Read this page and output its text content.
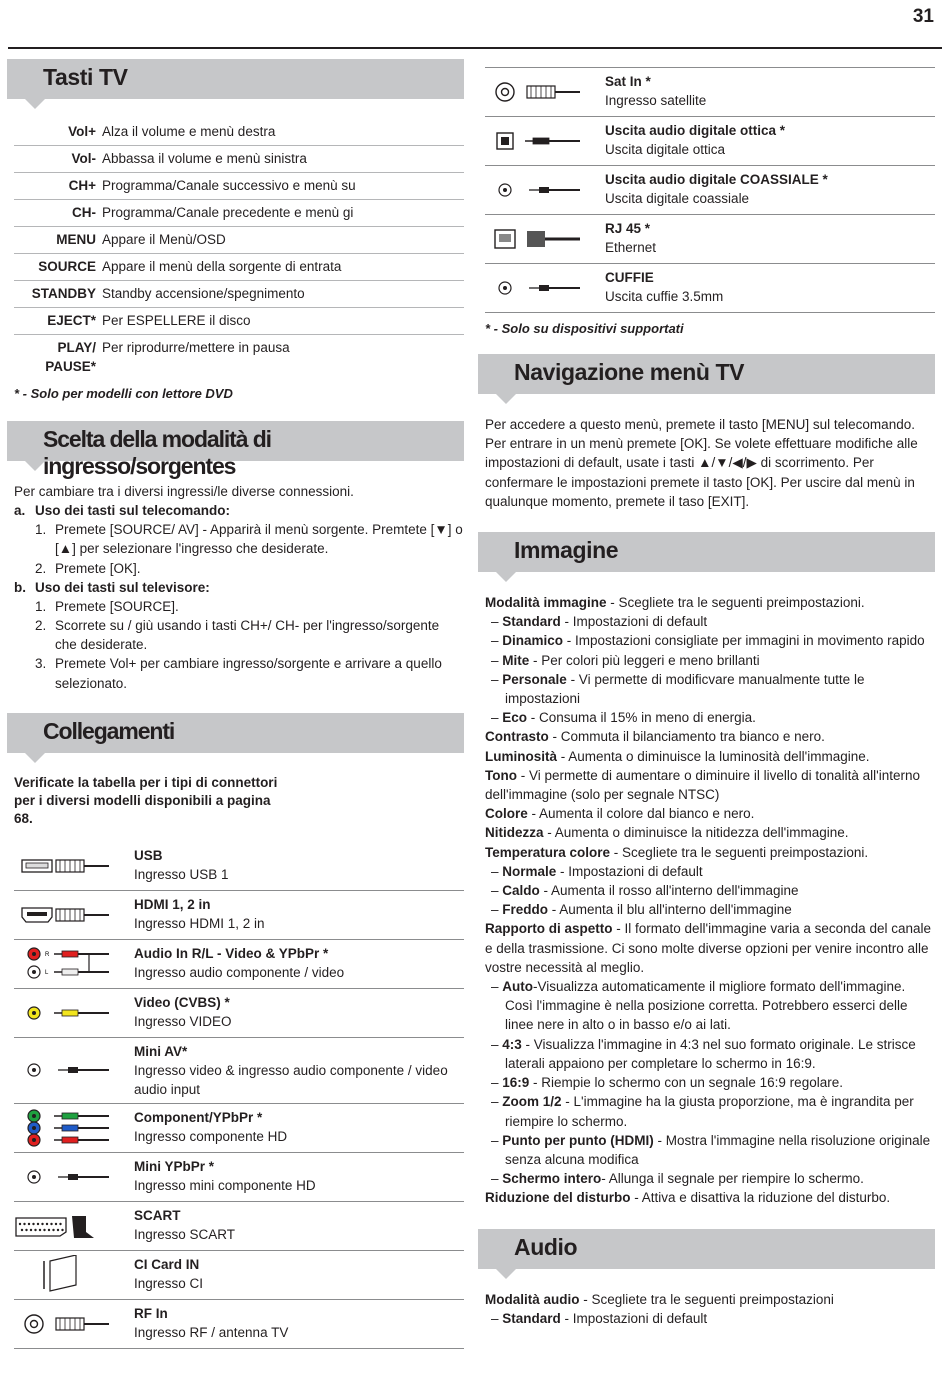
31
Tasti TV
Vol+ Alza il volume e menù destra
Vol- Abbassa il volume e menù sinistra
CH+ Programma/Canale successivo e menù su
CH- Programma/Canale precedente e menù gi
MENU Appare il Menù/OSD
SOURCE Appare il menù della sorgente di entrata
STANDBY Standby accensione/spegnimento
EJECT* Per ESPELLERE il disco
PLAY/
PAUSE*
Per riprodurre/mettere in pausa
* - Solo per modelli con lettore DVD
Scelta della modalità di ingresso/sorgentes

Per cambiare tra i diversi ingressi/le diverse connessioni.

a. Uso dei tasti sul telecomando:
1. Premete [SOURCE/ AV] - Apparirà il menù sorgente. Premtete [▼] o [▲] per selezionare l'ingresso che desiderate.
2. Premete [OK].
b. Uso dei tasti sul televisore:
1. Premete [SOURCE].
2. Scorrete su / giù usando i tasti CH+/ CH- per l'ingresso/sorgente che desiderate.
3. Premete Vol+ per cambiare ingresso/sorgente e arrivare a quello selezionato.
Collegamenti
Verificate la tabella per i tipi di connettori per i diversi modelli disponibili a pagina 68.
USB
Ingresso USB 1
HDMI 1, 2 in
Ingresso HDMI 1, 2 in
R
L
Audio In R/L - Video & YPbPr *
Ingresso audio componente / video
Video (CVBS) *
Ingresso VIDEO
Mini AV*
Ingresso video & ingresso audio componente / video audio input
Component/YPbPr *
Ingresso componente HD
Mini YPbPr *
Ingresso mini componente HD
SCART
Ingresso SCART
CI Card IN
Ingresso CI
RF In
Ingresso RF / antenna TV
Sat In *
Ingresso satellite
Uscita audio digitale ottica *
Uscita digitale ottica
Uscita audio digitale COASSIALE *
Uscita digitale coassiale
RJ 45 *
Ethernet
CUFFIE
Uscita cuffie 3.5mm
* - Solo su dispositivi supportati
Navigazione menù TV

Per accedere a questo menù, premete il tasto [MENU] sul telecomando. Per entrare in un menù premete [OK]. Se volete effettuare modifiche alle impostazioni di default, usate i tasti ▲/▼/◀/▶ di scorrimento. Per confermare le impostazioni premete il tasto [OK]. Per uscire dal menù in qualunque momento, premete il taso [EXIT].

Immagine
Modalità immagine - Scegliete tra le seguenti preimpostazioni.
– Standard - Impostazioni di default
– Dinamico - Impostazioni consigliate per immagini in movimento rapido
– Mite - Per colori più leggeri e meno brillanti
– Personale - Vi permette di modificvare manualmente tutte le impostazioni
– Eco - Consuma il 15% in meno di energia.
Contrasto - Commuta il bilanciamento tra bianco e nero.
Luminosità - Aumenta o diminuisce la luminosità dell'immagine.
Tono - Vi permette di aumentare o diminuire il livello di tonalità all'interno dell'immagine (solo per segnale NTSC)
Colore - Aumenta il colore dal bianco e nero.
Nitidezza - Aumenta o diminuisce la nitidezza dell'immagine.
Temperatura colore - Scegliete tra le seguenti preimpostazioni.
– Normale - Impostazioni di default
– Caldo - Aumenta il rosso all'interno dell'immagine
– Freddo - Aumenta il blu all'interno dell'immagine
Rapporto di aspetto - Il formato dell'immagine varia a seconda del canale e della trasmissione. Ci sono molte diverse opzioni per venire incontro alle vostre necessità al meglio.
– Auto-Visualizza automaticamente il migliore formato dell'immagine. Così l'immagine è nella posizione corretta. Potrebbero esserci delle linee nere in alto o in basso e/o ai lati.
– 4:3 - Visualizza l'immagine in 4:3 nel suo formato originale. Le strisce laterali appaiono per completare lo schermo in 16:9.
– 16:9 - Riempie lo schermo con un segnale 16:9 regolare.
– Zoom 1/2 - L'immagine ha la giusta proporzione, ma è ingrandita per riempire lo schermo.
– Punto per punto (HDMI) - Mostra l'immagine nella risoluzione originale senza alcuna modifica
– Schermo intero- Allunga il segnale per riempire lo schermo.
Riduzione del disturbo - Attiva e disattiva la riduzione del disturbo.
Audio
Modalità audio - Scegliete tra le seguenti preimpostazioni
– Standard - Impostazioni di default
